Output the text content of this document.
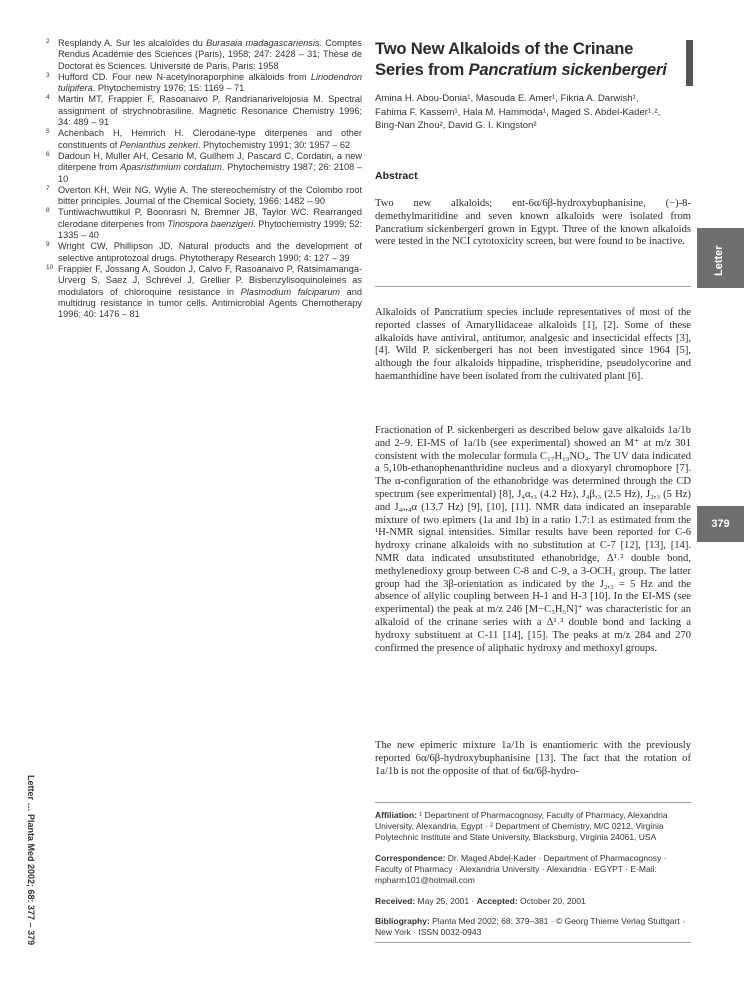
2 Resplandy A. Sur les alcaloïdes du Burasaia madagascariensis. Comptes Rendus Académie des Sciences (Paris), 1958; 247: 2428 – 31; Thèse de Doctorat ès Sciences. Université de Paris, Paris: 1958

3 Hufford CD. Four new N-acetylnoraporphine alkaloids from Liriodendron tulipifera. Phytochemistry 1976; 15: 1169 – 71

4 Martin MT, Frappier F, Rasoanaivo P, Randrianarivelojosia M. Spectral assignment of strychnobrasiline. Magnetic Resonance Chemistry 1996; 34: 489 – 91

5 Achenbach H, Hemrich H. Clerodane-type diterpenes and other constituents of Penianthus zenkeri. Phytochemistry 1991; 30: 1957 – 62

6 Dadoun H, Muller AH, Cesario M, Guilhem J, Pascard C, Cordatin, a new diterpene from Apasristhmium cordatum. Phytochemistry 1987; 26: 2108 – 10

7 Overton KH, Weir NG, Wylie A. The stereochemistry of the Colombo root bitter principles. Journal of the Chemical Society, 1966: 1482 – 90

8 Tuntiwachwuttikul P, Boonrasri N, Bremner JB, Taylor WC. Rearranged clerodane diterpenes from Tinospora baenzigeri. Phytochemistry 1999; 52: 1335 – 40

9 Wright CW, Phillipson JD. Natural products and the development of selective antiprotozoal drugs. Phytotherapy Research 1990; 4: 127 – 39

10 Frappier F, Jossang A, Soudon J, Calvo F, Rasoanaivo P, Ratsimamanga-Urverg S, Saez J, Schrével J, Grellier P. Bisbenzylisoquinoleines as modulators of chloroquine resistance in Plasmodium falciparum and multidrug resistance in tumor cells. Antimicrobial Agents Chemotherapy 1996; 40: 1476 – 81

Letter … Planta Med 2002; 68: 377 – 379

Two New Alkaloids of the Crinane
Series from Pancratium sickenbergeri

Amina H. Abou-Donia¹, Masouda E. Amer¹, Fikria A. Darwish¹,
Fahima F. Kassem¹, Hala M. Hammoda¹, Maged S. Abdel-Kader¹˒²,
Bing-Nan Zhou², David G. I. Kingston²
Abstract

Two new alkaloids; ent-6α/6β-hydroxybuphanisine, (−)-8-demethylmaritidine and seven known alkaloids were isolated from Pancratium sickenbergeri grown in Egypt. Three of the known alkaloids were tested in the NCI cytotoxicity screen, but were found to be inactive.

Alkaloids of Pancratium species include representatives of most of the reported classes of Amaryllidaceae alkaloids [1], [2]. Some of these alkaloids have antiviral, antitumor, analgesic and insecticidal effects [3], [4]. Wild P. sickenbergeri has not been investigated since 1964 [5], although the four alkaloids hippadine, trispheridine, pseudolycorine and haemanthidine have been isolated from the cultivated plant [6].

Fractionation of P. sickenbergeri as described below gave alkaloids 1a/1b and 2–9. EI-MS of 1a/1b (see experimental) showed an M⁺ at m/z 301 consistent with the molecular formula C₁₇H₁₉NO₄. The UV data indicated a 5,10b-ethanophenanthridine nucleus and a dioxyaryl chromophore [7]. The α-configuration of the ethanobridge was determined through the CD spectrum (see experimental) [8], J₄α,₃ (4.2 Hz), J₄β,₃ (2.5 Hz), J₂,₃ (5 Hz) and J₄ₐ,₄α (13.7 Hz) [9], [10], [11]. NMR data indicated an inseparable mixture of two epimers (1a and 1b) in a ratio 1.7:1 as estimated from the ¹H-NMR signal intensities. Similar results have been reported for C-6 hydroxy crinane alkaloids with no substitution at C-7 [12], [13], [14]. NMR data indicated unsubstituted ethanobridge, Δ¹˒² double bond, methylenedioxy group between C-8 and C-9, a 3-OCH₃ group. The latter group had the 3β-orientation as indicated by the J₂,₃ = 5 Hz and the absence of allylic coupling between H-1 and H-3 [10]. In the EI-MS (see experimental) the peak at m/z 246 [M−C₃H₅N]⁺ was characteristic for an alkaloid of the crinane series with a Δ¹˒² double bond and lacking a hydroxy substituent at C-11 [14], [15]. The peaks at m/z 284 and 270 confirmed the presence of aliphatic hydroxy and methoxyl groups.

The new epimeric mixture 1a/1b is enantiomeric with the previously reported 6α/6β-hydroxybuphanisine [13]. The fact that the rotation of 1a/1b is not the opposite of that of 6α/6β-hydro-

Letter
379
Affiliation: ¹ Department of Pharmacognosy, Faculty of Pharmacy, Alexandria University, Alexandria, Egypt · ² Department of Chemistry, M/C 0212, Virginia Polytechnic Institute and State University, Blacksburg, Virginia 24061, USA
Correspondence: Dr. Maged Abdel-Kader · Department of Pharmacognosy · Faculty of Pharmacy · Alexandria University · Alexandria · EGYPT · E-Mail: mpharm101@hotmail.com
Received: May 25, 2001 · Accepted: October 20, 2001
Bibliography: Planta Med 2002; 68: 379–381 · © Georg Thieme Verlag Stuttgart · New York · ISSN 0032-0943
